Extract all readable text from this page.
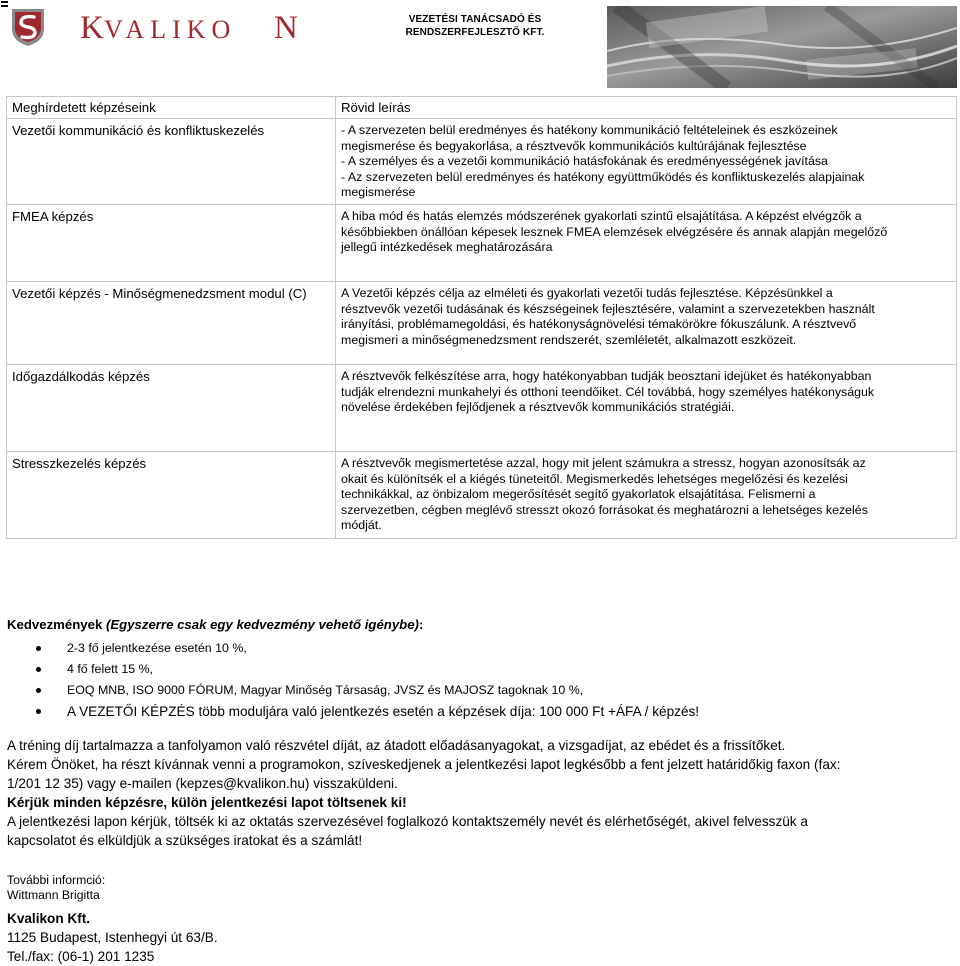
K VALIKO N	VEZETÉSI TANÁCSADÓ ÉS
RENDSZERFEJLESZTŐ KFT.
Meghírdetett képzéseink	Rövid leírás
Vezetői kommunikáció és konfliktuskezelés	- A szervezeten belül eredményes és hatékony kommunikáció feltételeinek és eszközeinek
megismerése és begyakorlása, a résztvevők kommunikációs kultúrájának fejlesztése
- A személyes és a vezetői kommunikáció hatásfokának és eredményességének javítása
- Az szervezeten belül eredményes és hatékony együttműködés és konfliktuskezelés alapjainak
megismerése

FMEA képzés	A hiba mód és hatás elemzés módszerének gyakorlati szintű elsajátítása. A képzést elvégzők a
későbbiekben önállóan képesek lesznek FMEA elemzések elvégzésére és annak alapján megelőző
jellegű intézkedések meghatározására

Vezetői képzés - Minőségmenedzsment modul (C)	A Vezetői képzés célja az elméleti és gyakorlati vezetői tudás fejlesztése. Képzésünkkel a
résztvevők vezetői tudásának és készségeinek fejlesztésére, valamint a szervezetekben használt
irányítási, problémamegoldási, és hatékonyságnövelési témakörökre fókuszálunk. A résztvevő
megismeri a minőségmenedzsment rendszerét, szemléletét, alkalmazott eszközeit.

Időgazdálkodás képzés	A résztvevők felkészítése arra, hogy hatékonyabban tudják beosztani idejüket és hatékonyabban
tudják elrendezni munkahelyi és otthoni teendőiket. Cél továbbá, hogy személyes hatékonyságuk
növelése érdekében fejlődjenek a résztvevők kommunikációs stratégiái.

Stresszkezelés képzés	A résztvevők megismertetése azzal, hogy mit jelent számukra a stressz, hogyan azonosítsák az
okait és különítsék el a kiégés tüneteitől. Megismerkedés lehetséges megelőzési és kezelési
technikákkal, az önbizalom megerősítését segítő gyakorlatok elsajátítása. Felismerni a
szervezetben, cégben meglévő stresszt okozó forrásokat és meghatározni a lehetséges kezelés
módját.
Kedvezmények (Egyszerre csak egy kedvezmény vehető igénybe):
2-3 fő jelentkezése esetén 10 %,
4 fő felett 15 %,
EOQ MNB, ISO 9000 FÓRUM, Magyar Minőség Társaság, JVSZ és MAJOSZ tagoknak 10 %,
A VEZETŐI KÉPZÉS több moduljára való jelentkezés esetén a képzések díja: 100 000 Ft +ÁFA / képzés!

A tréning díj tartalmazza a tanfolyamon való részvétel díját, az átadott előadásanyagokat, a vizsgadíjat, az ebédet és a frissítőket.

Kérem Önöket, ha részt kívánnak venni a programokon, szíveskedjenek a jelentkezési lapot legkésőbb a fent jelzett határidőkig faxon (fax:
1/201 12 35) vagy e-mailen (kepzes@kvalikon.hu) visszaküldeni.

Kérjük minden képzésre, külön jelentkezési lapot töltsenek ki!

A jelentkezési lapon kérjük, töltsék ki az oktatás szervezésével foglalkozó kontaktszemély nevét és elérhetőségét, akivel felvesszük a
kapcsolatot és elküldjük a szükséges iratokat és a számlát!

További informció:
Wittmann Brigitta
Kvalikon Kft.
1125 Budapest, Istenhegyi út 63/B.
Tel./fax: (06-1) 201 1235
